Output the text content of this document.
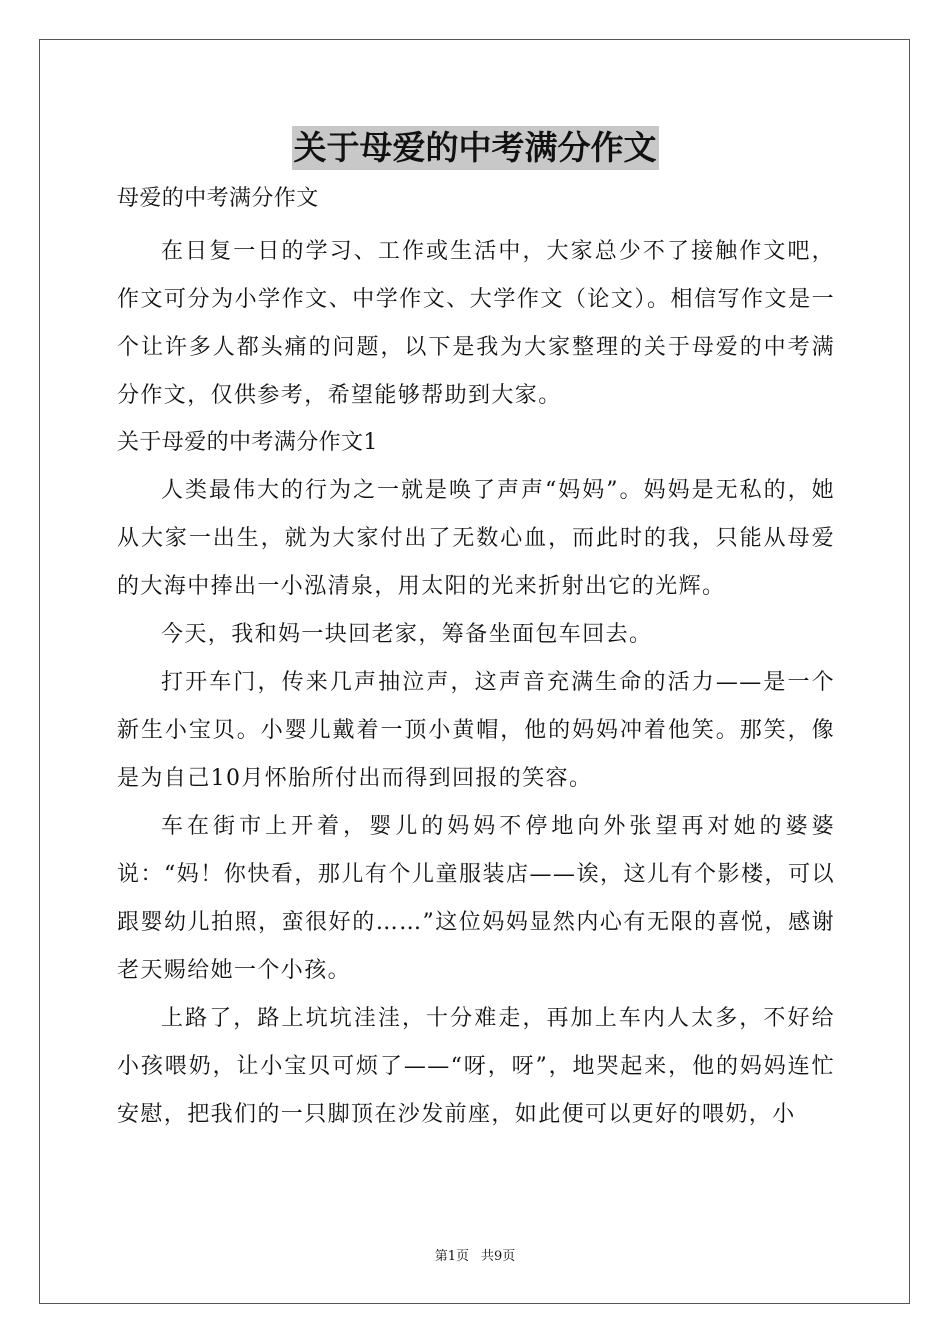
关于母爱的中考满分作文
母爱的中考满分作文

在日复一日的学习、工作或生活中，大家总少不了接触作文吧，作文可分为小学作文、中学作文、大学作文（论文）。相信写作文是一个让许多人都头痛的问题，以下是我为大家整理的关于母爱的中考满分作文，仅供参考，希望能够帮助到大家。

关于母爱的中考满分作文1

人类最伟大的行为之一就是唤了声声“妈妈”。妈妈是无私的，她从大家一出生，就为大家付出了无数心血，而此时的我，只能从母爱的大海中捧出一小泓清泉，用太阳的光来折射出它的光辉。

今天，我和妈一块回老家，筹备坐面包车回去。

打开车门，传来几声抽泣声，这声音充满生命的活力——是一个新生小宝贝。小婴儿戴着一顶小黄帽，他的妈妈冲着他笑。那笑，像是为自己10月怀胎所付出而得到回报的笑容。

车在街市上开着，婴儿的妈妈不停地向外张望再对她的婆婆说：“妈！你快看，那儿有个儿童服装店——诶，这儿有个影楼，可以跟婴幼儿拍照，蛮很好的……”这位妈妈显然内心有无限的喜悦，感谢老天赐给她一个小孩。

上路了，路上坑坑洼洼，十分难走，再加上车内人太多，不好给小孩喂奶，让小宝贝可烦了——“呀，呀”，地哭起来，他的妈妈连忙安慰，把我们的一只脚顶在沙发前座，如此便可以更好的喂奶，小

第1页 共9页
